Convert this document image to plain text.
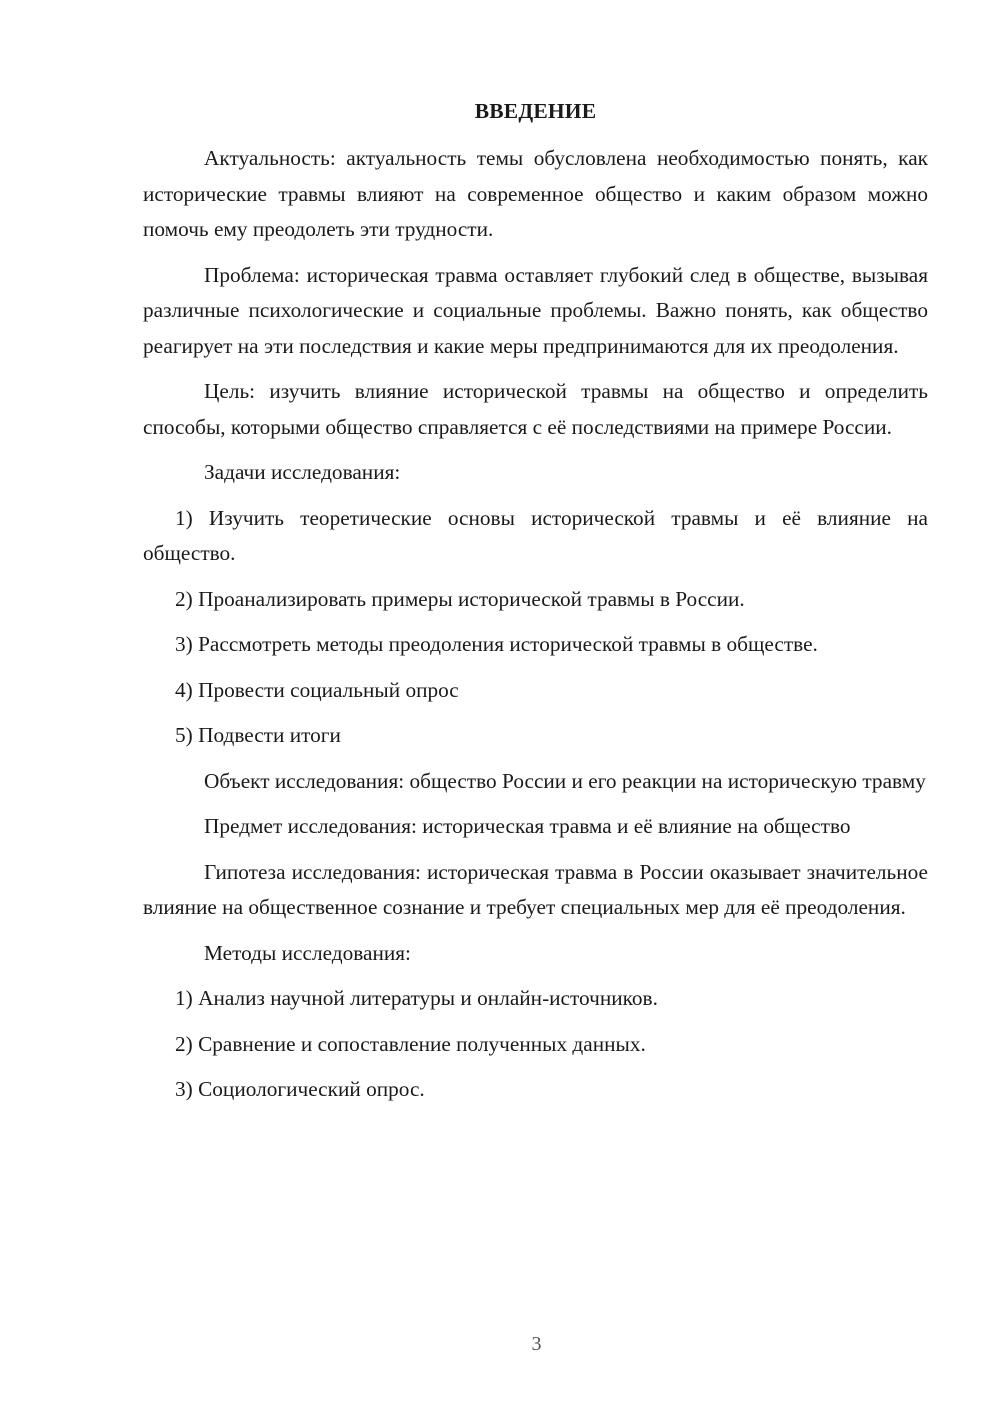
ВВЕДЕНИЕ

Актуальность: актуальность темы обусловлена необходимостью понять, как исторические травмы влияют на современное общество и каким образом можно помочь ему преодолеть эти трудности.

Проблема: историческая травма оставляет глубокий след в обществе, вызывая различные психологические и социальные проблемы. Важно понять, как общество реагирует на эти последствия и какие меры предпринимаются для их преодоления.

Цель: изучить влияние исторической травмы на общество и определить способы, которыми общество справляется с её последствиями на примере России.

Задачи исследования:

1) Изучить теоретические основы исторической травмы и её влияние на общество.

2) Проанализировать примеры исторической травмы в России.

3) Рассмотреть методы преодоления исторической травмы в обществе.

4) Провести социальный опрос

5) Подвести итоги

Объект исследования: общество России и его реакции на историческую травму

Предмет исследования: историческая травма и её влияние на общество

Гипотеза исследования: историческая травма в России оказывает значительное влияние на общественное сознание и требует специальных мер для её преодоления.

Методы исследования:

1) Анализ научной литературы и онлайн-источников.

2) Сравнение и сопоставление полученных данных.

3) Социологический опрос.

3
